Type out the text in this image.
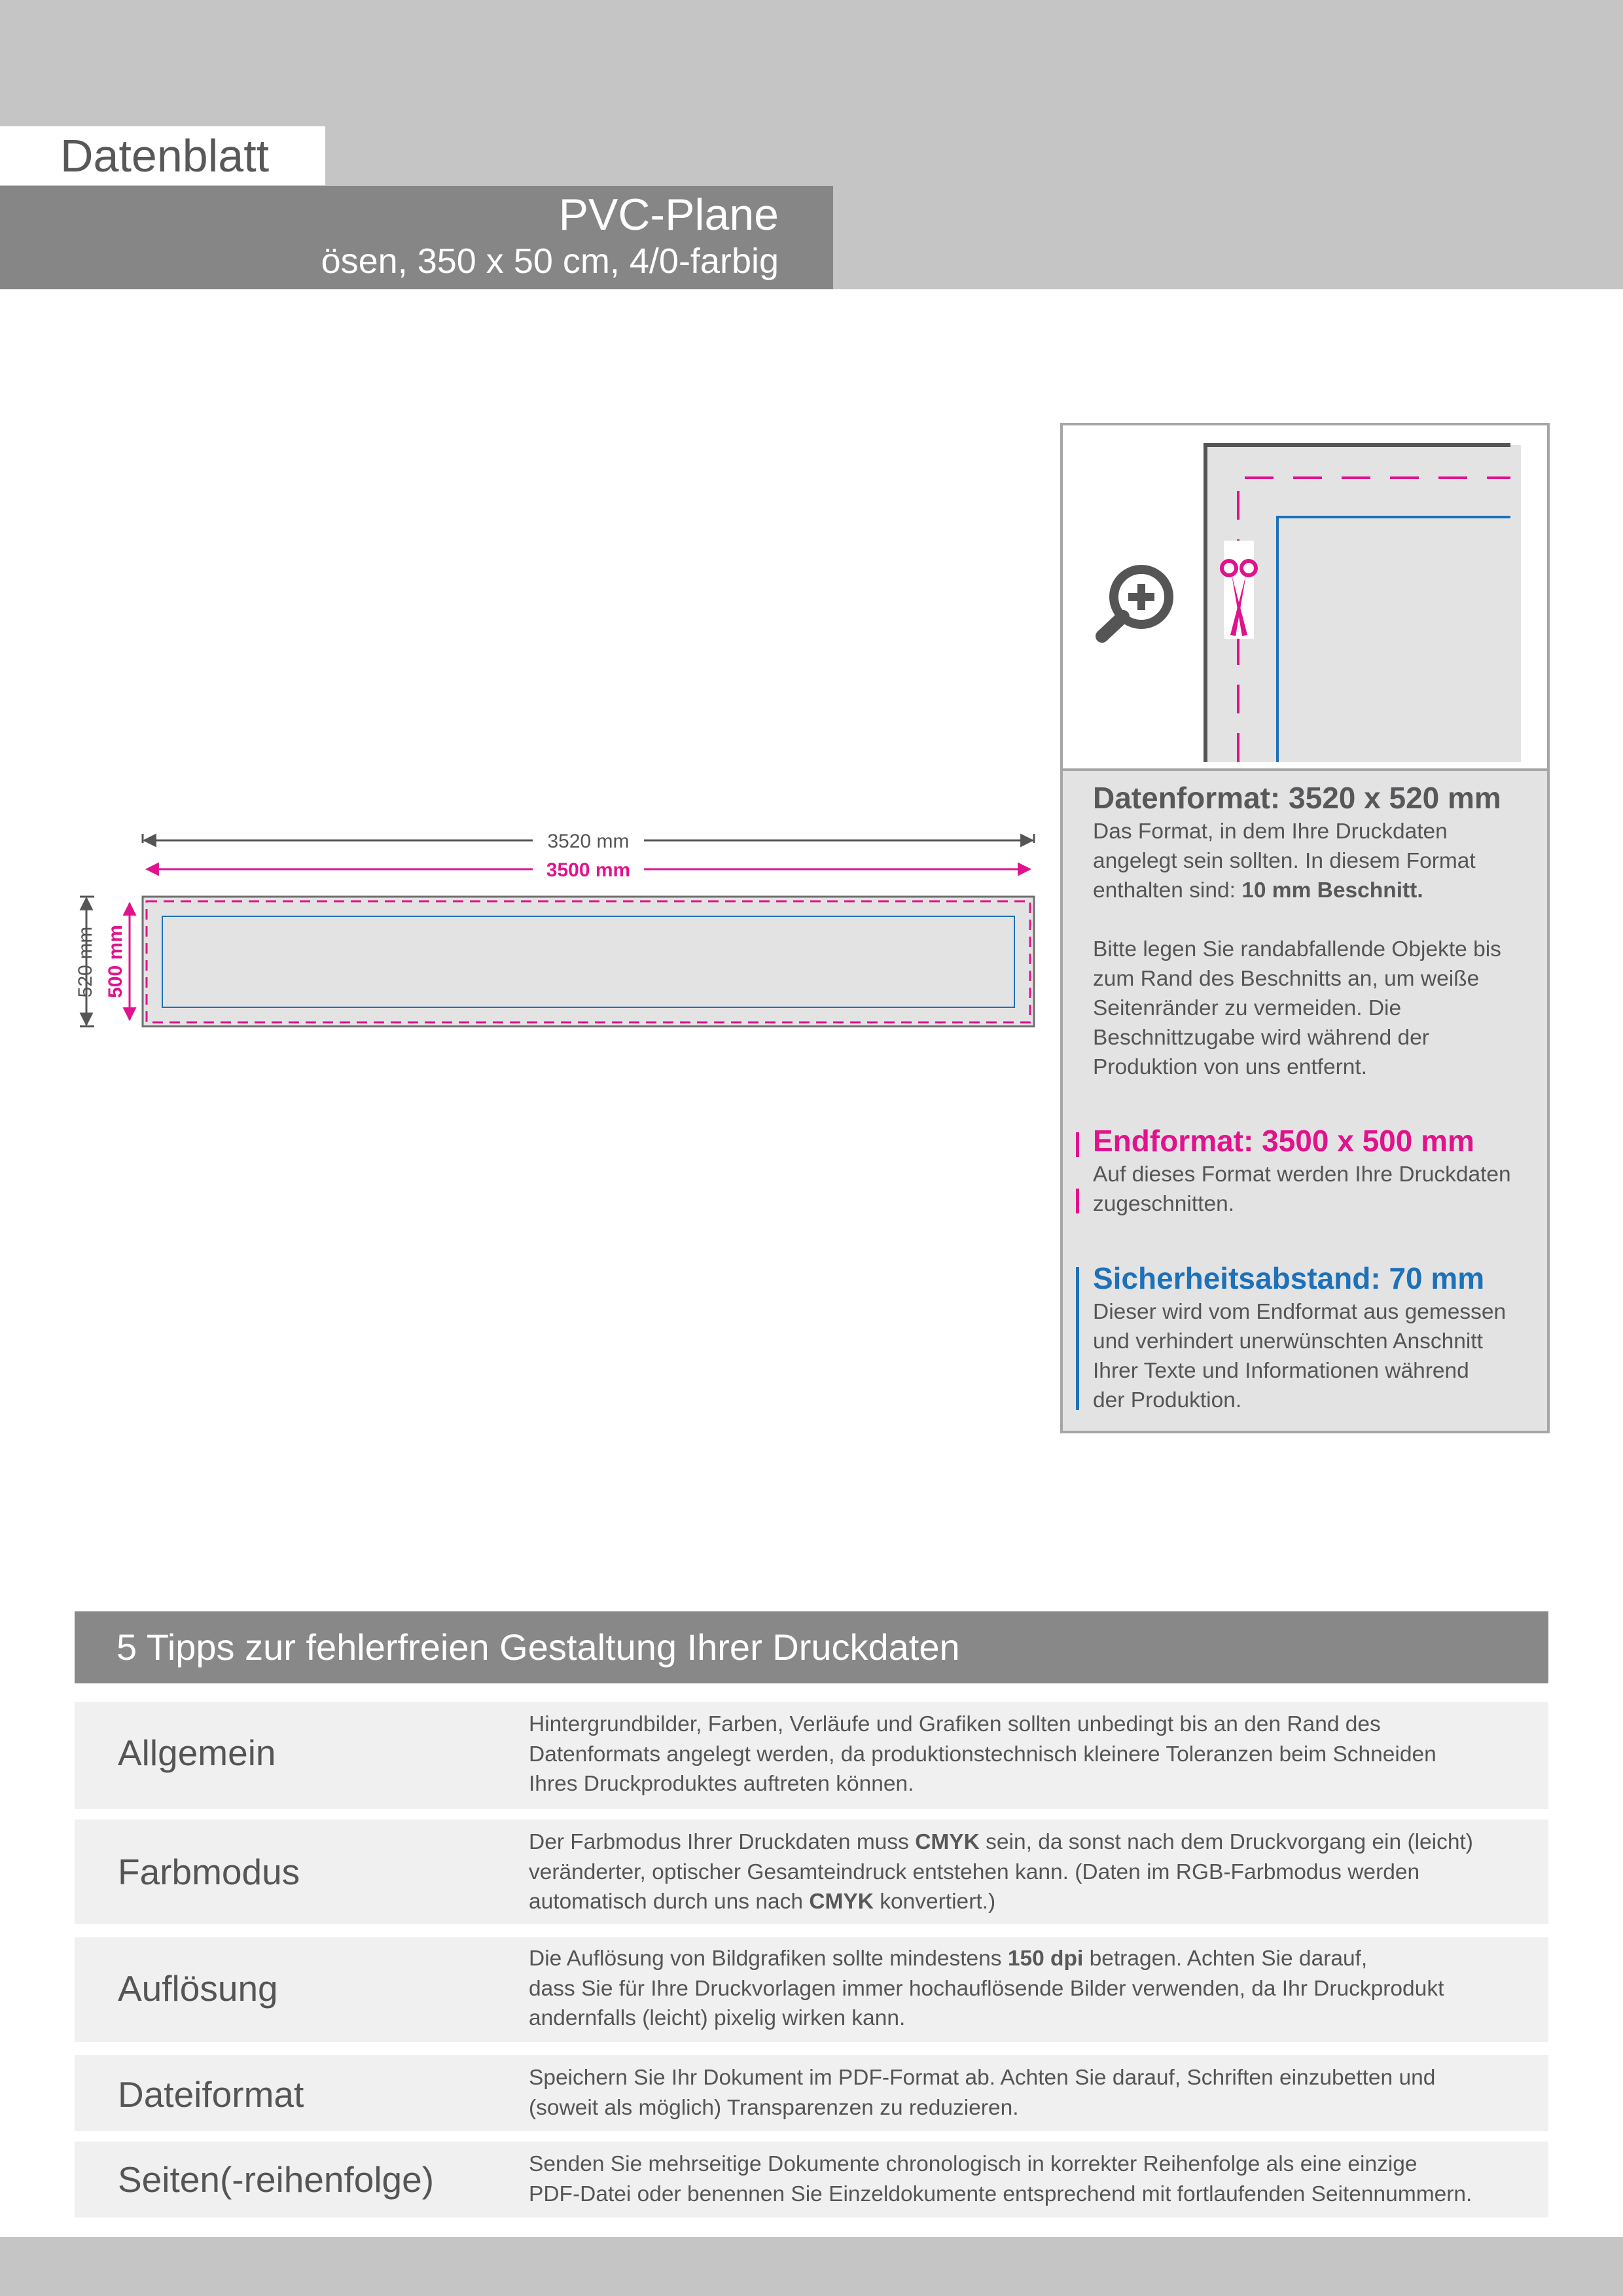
Datenblatt
PVC-Plane
ösen, 350 x 50 cm, 4/0-farbig
3520 mm
3500 mm
520 mm 500 mm
Datenformat: 3520 x 520 mm

Das Format, in dem Ihre Druckdaten

angelegt sein sollten. In diesem Format

enthalten sind: 10 mm Beschnitt.

Bitte legen Sie randabfallende Objekte bis

zum Rand des Beschnitts an, um weiße

Seitenränder zu vermeiden. Die

Beschnittzugabe wird während der

Produktion von uns entfernt.

Endformat: 3500 x 500 mm

Auf dieses Format werden Ihre Druckdaten

zugeschnitten.

Sicherheitsabstand: 70 mm

Dieser wird vom Endformat aus gemessen

und verhindert unerwünschten Anschnitt

Ihrer Texte und Informationen während

der Produktion.

5 Tipps zur fehlerfreien Gestaltung Ihrer Druckdaten
Allgemein

Hintergrundbilder, Farben, Verläufe und Grafiken sollten unbedingt bis an den Rand des

Datenformats angelegt werden, da produktionstechnisch kleinere Toleranzen beim Schneiden

Ihres Druckproduktes auftreten können.

Farbmodus

Der Farbmodus Ihrer Druckdaten muss CMYK sein, da sonst nach dem Druckvorgang ein (leicht)

veränderter, optischer Gesamteindruck entstehen kann. (Daten im RGB-Farbmodus werden

automatisch durch uns nach CMYK konvertiert.)

Auflösung

Die Auflösung von Bildgrafiken sollte mindestens 150 dpi betragen. Achten Sie darauf,

dass Sie für Ihre Druckvorlagen immer hochauflösende Bilder verwenden, da Ihr Druckprodukt

andernfalls (leicht) pixelig wirken kann.

Dateiformat	Speichern Sie Ihr Dokument im PDF-Format ab. Achten Sie darauf, Schriften einzubetten und

(soweit als möglich) Transparenzen zu reduzieren.

Seiten(-reihenfolge)	Senden Sie mehrseitige Dokumente chronologisch in korrekter Reihenfolge als eine einzige

PDF-Datei oder benennen Sie Einzeldokumente entsprechend mit fortlaufenden Seitennummern.
